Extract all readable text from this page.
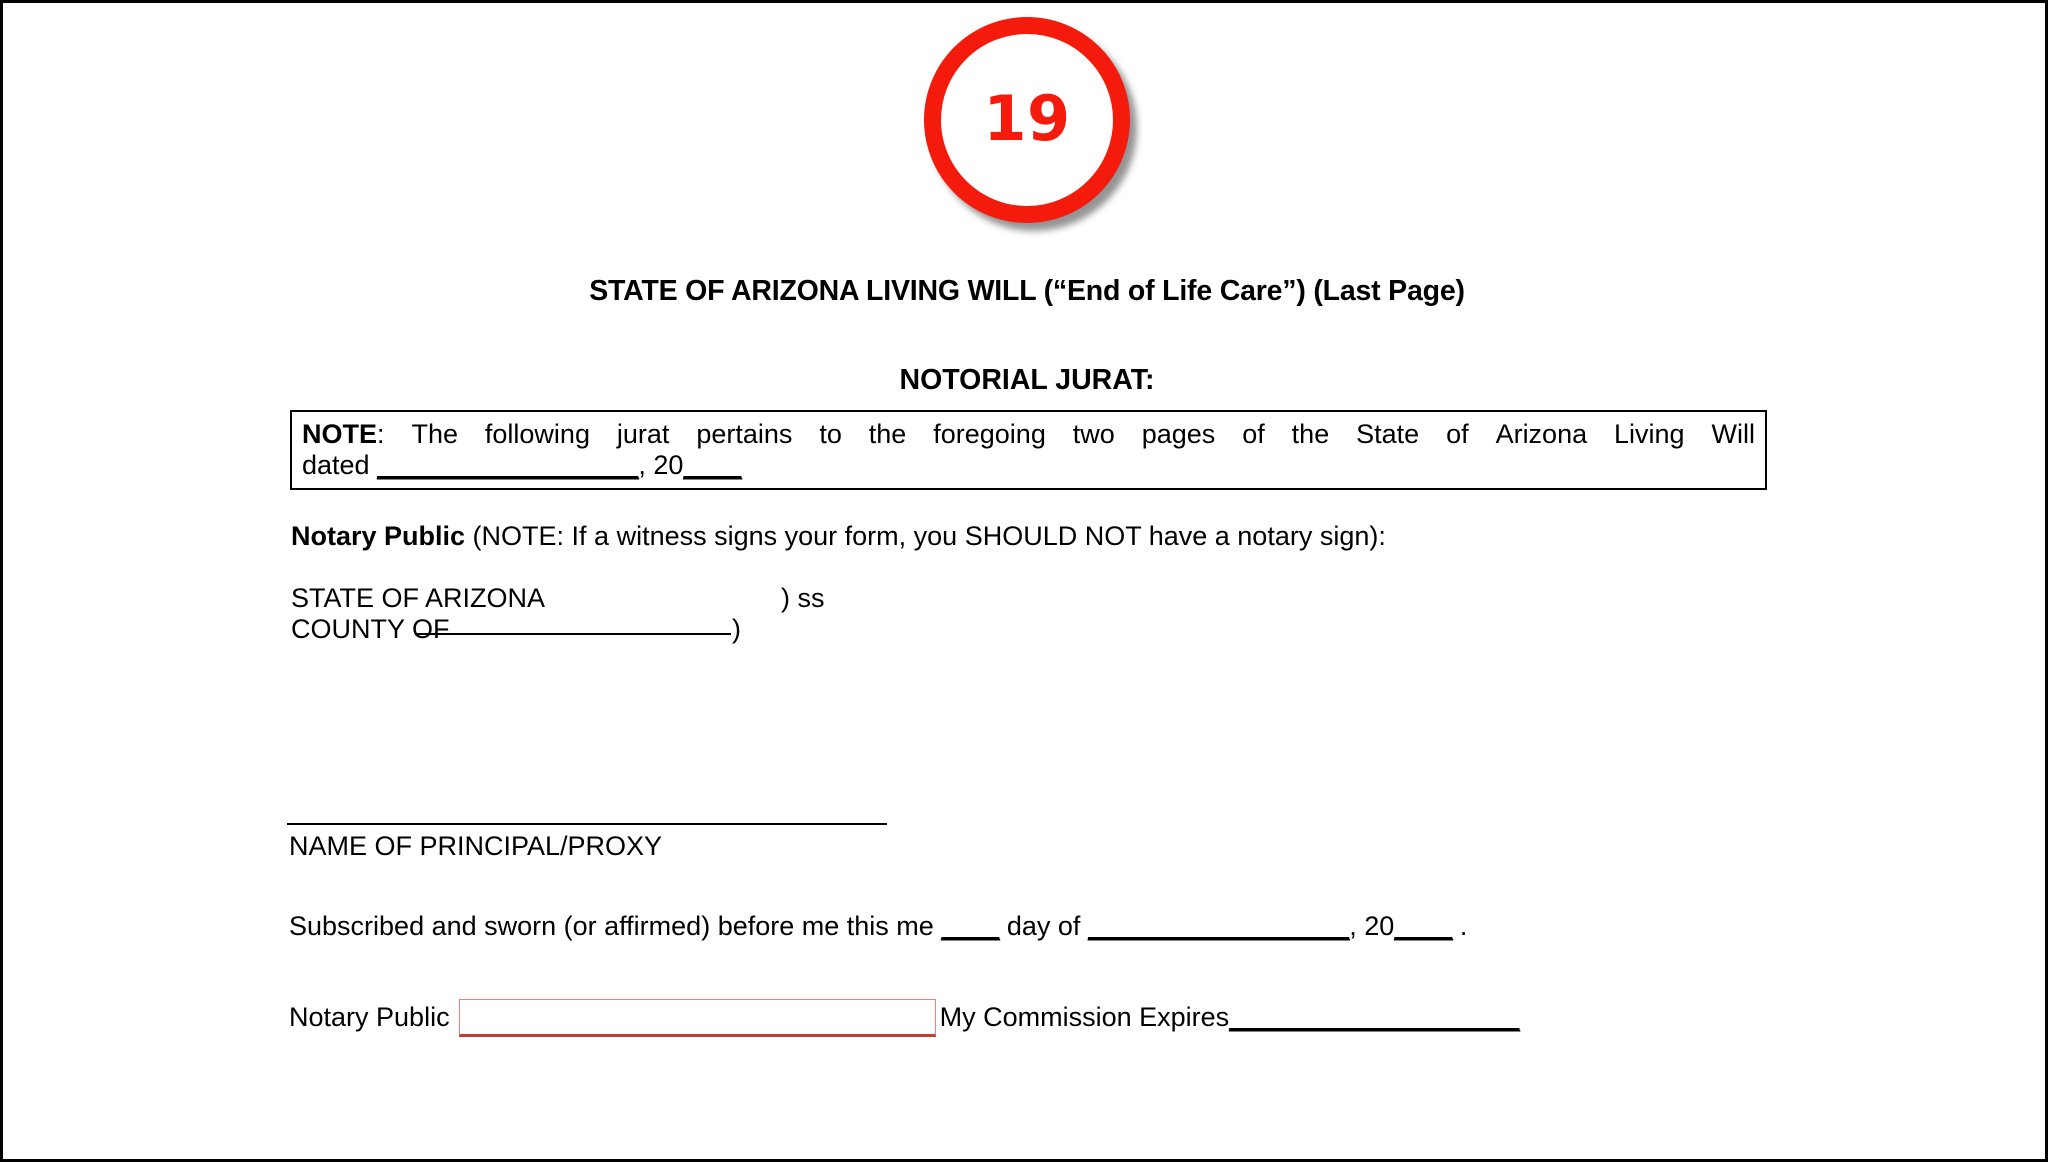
19
STATE OF ARIZONA LIVING WILL (“End of Life Care”) (Last Page)
NOTORIAL JURAT:
NOTE: The following jurat pertains to the foregoing two pages of the State of Arizona Living Will
dated __________________, 20____
Notary Public (NOTE: If a witness signs your form, you SHOULD NOT have a notary sign):
STATE OF ARIZONA	) ss
COUNTY OF	)
NAME OF PRINCIPAL/PROXY
Subscribed and sworn (or affirmed) before me this me ____ day of __________________, 20____ .
Notary Public	My Commission Expires ____________________
